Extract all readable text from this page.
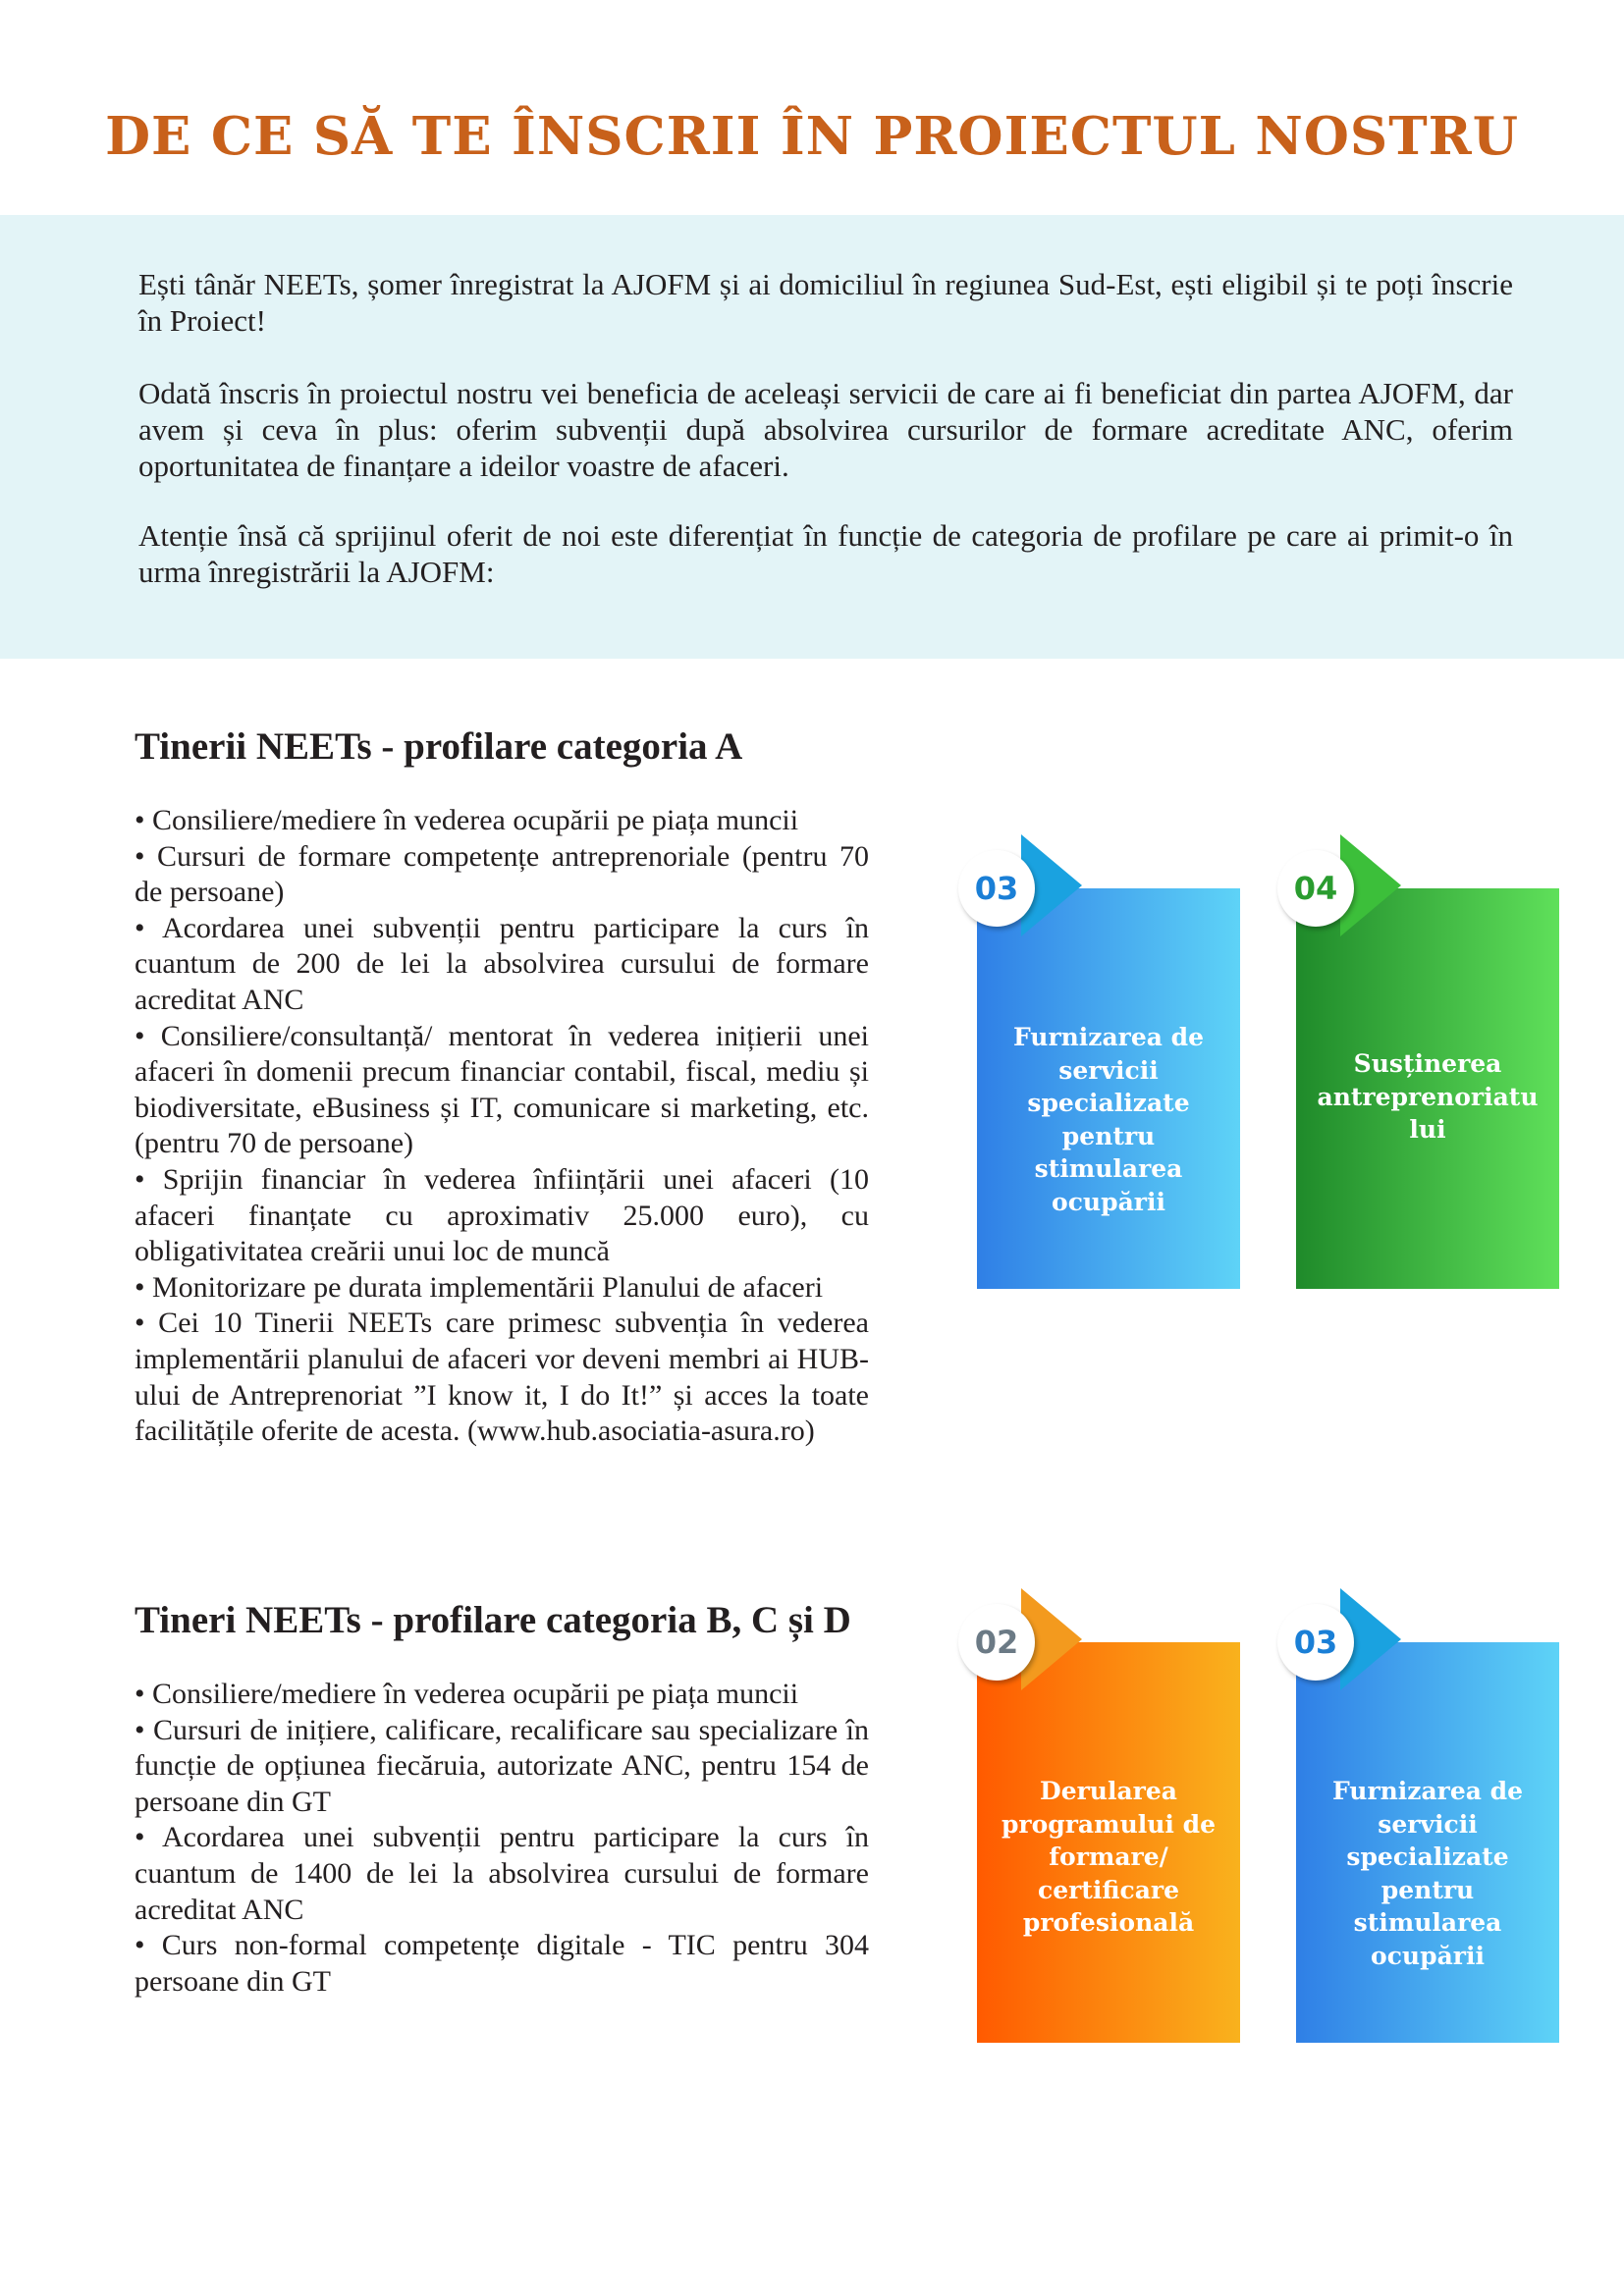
DE CE SĂ TE ÎNSCRII ÎN PROIECTUL NOSTRU

Ești tânăr NEETs, șomer înregistrat la AJOFM și ai domiciliul în regiunea Sud-Est, ești eligibil și te poți înscrie în Proiect!

Odată înscris în proiectul nostru vei beneficia de aceleași servicii de care ai fi beneficiat din partea AJOFM, dar avem și ceva în plus: oferim subvenții după absolvirea cursurilor de formare acreditate ANC, oferim oportunitatea de finanțare a ideilor voastre de afaceri.

Atenție însă că sprijinul oferit de noi este diferențiat în funcție de categoria de profilare pe care ai primit-o în urma înregistrării la AJOFM:

Tinerii NEETs - profilare categoria A
• Consiliere/mediere în vederea ocupării pe piața muncii
• Cursuri de formare competențe antreprenoriale (pentru 70 de persoane)
• Acordarea unei subvenții pentru participare la curs în cuantum de 200 de lei la absolvirea cursului de formare acreditat ANC
• Consiliere/consultanță/ mentorat în vederea inițierii unei afaceri în domenii precum financiar contabil, fiscal, mediu și biodiversitate, eBusiness și IT, comunicare si marketing, etc.(pentru 70 de persoane)
• Sprijin financiar în vederea înființării unei afaceri (10 afaceri finanțate cu aproximativ 25.000 euro), cu obligativitatea creării unui loc de muncă
• Monitorizare pe durata implementării Planului de afaceri
• Cei 10 Tinerii NEETs care primesc subvenția în vederea implementării planului de afaceri vor deveni membri ai HUB-ului de Antreprenoriat ”I know it, I do It!” și acces la toate facilitățile oferite de acesta. (www.hub.asociatia-asura.ro)

Furnizarea de servicii specializate pentru stimularea ocupării

03

Susținerea antreprenoriatu lui

04
Tineri NEETs - profilare categoria B, C și D
• Consiliere/mediere în vederea ocupării pe piața muncii
• Cursuri de inițiere, calificare, recalificare sau specializare în funcție de opțiunea fiecăruia, autorizate ANC, pentru 154 de persoane din GT
• Acordarea unei subvenții pentru participare la curs în cuantum de 1400 de lei la absolvirea cursului de formare acreditat ANC
• Curs non-formal competențe digitale - TIC pentru 304 persoane din GT

Derularea programului de formare/ certificare profesională

02

Furnizarea de servicii specializate pentru stimularea ocupării

03
